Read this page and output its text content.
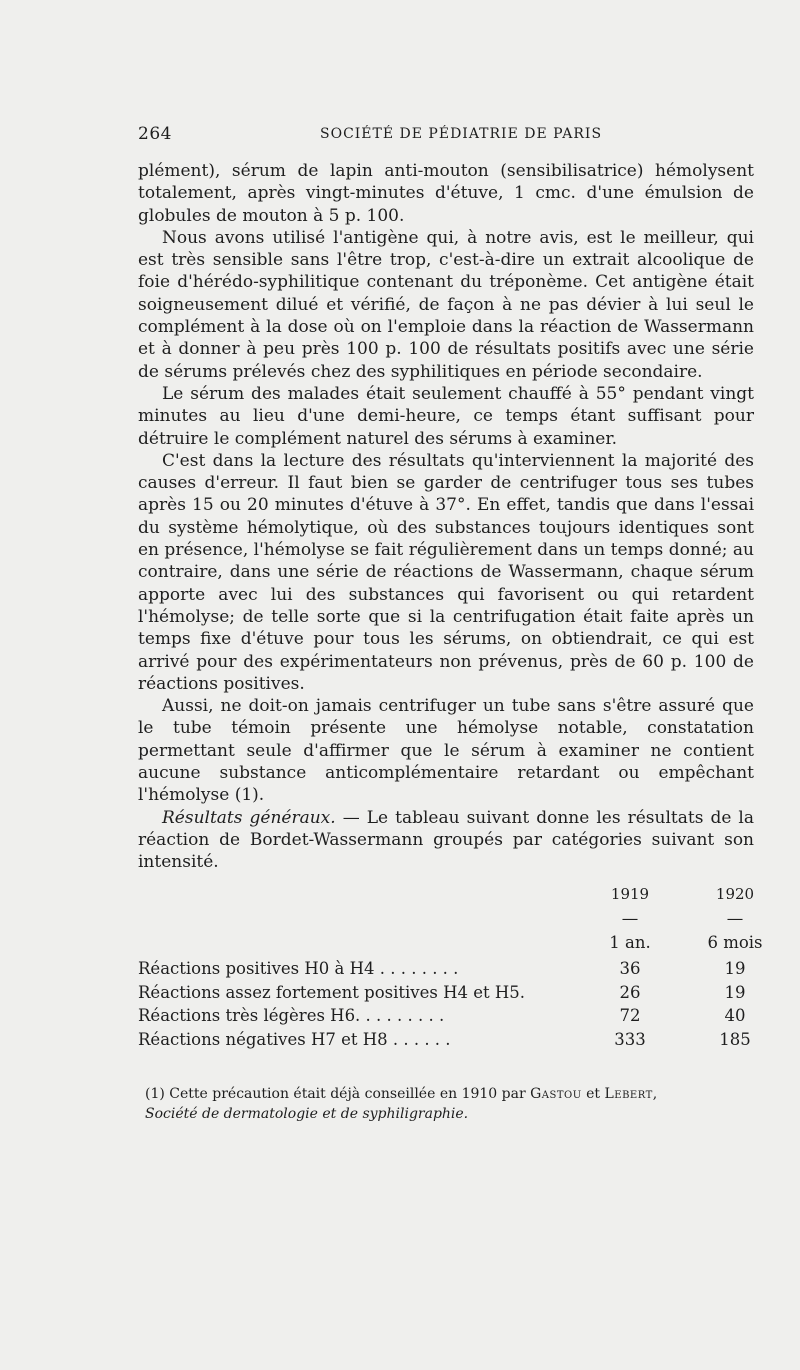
264	SOCIÉTÉ DE PÉDIATRIE DE PARIS

plément), sérum de lapin anti-mouton (sensibilisatrice) hémolysent totalement, après vingt-minutes d'étuve, 1 cmc. d'une émulsion de globules de mouton à 5 p. 100.

Nous avons utilisé l'antigène qui, à notre avis, est le meilleur, qui est très sensible sans l'être trop, c'est-à-dire un extrait alcoolique de foie d'hérédo-syphilitique contenant du tréponème. Cet antigène était soigneusement dilué et vérifié, de façon à ne pas dévier à lui seul le complément à la dose où on l'emploie dans la réaction de Wassermann et à donner à peu près 100 p. 100 de résultats positifs avec une série de sérums prélevés chez des syphilitiques en période secondaire.

Le sérum des malades était seulement chauffé à 55° pendant vingt minutes au lieu d'une demi-heure, ce temps étant suffisant pour détruire le complément naturel des sérums à examiner.

C'est dans la lecture des résultats qu'interviennent la majorité des causes d'erreur. Il faut bien se garder de centrifuger tous ses tubes après 15 ou 20 minutes d'étuve à 37°. En effet, tandis que dans l'essai du système hémolytique, où des substances toujours identiques sont en présence, l'hémolyse se fait régulièrement dans un temps donné; au contraire, dans une série de réactions de Wassermann, chaque sérum apporte avec lui des substances qui favorisent ou qui retardent l'hémolyse; de telle sorte que si la centrifugation était faite après un temps fixe d'étuve pour tous les sérums, on obtiendrait, ce qui est arrivé pour des expérimentateurs non prévenus, près de 60 p. 100 de réactions positives.

Aussi, ne doit-on jamais centrifuger un tube sans s'être assuré que le tube témoin présente une hémolyse notable, constatation permettant seule d'affirmer que le sérum à examiner ne contient aucune substance anticomplémentaire retardant ou empêchant l'hémolyse (1).

Résultats généraux. — Le tableau suivant donne les résultats de la réaction de Bordet-Wassermann groupés par catégories suivant son intensité.

1919	1920
—	—
1 an.	6 mois
Réactions positives H0 à H4 . . . . . . . .	36	19
Réactions assez fortement positives H4 et H5.	26	19
Réactions très légères H6. . . . . . . . .	72	40
Réactions négatives H7 et H8 . . . . . .	333	185

(1) Cette précaution était déjà conseillée en 1910 par Gastou et Lebert,

Société de dermatologie et de syphiligraphie.
